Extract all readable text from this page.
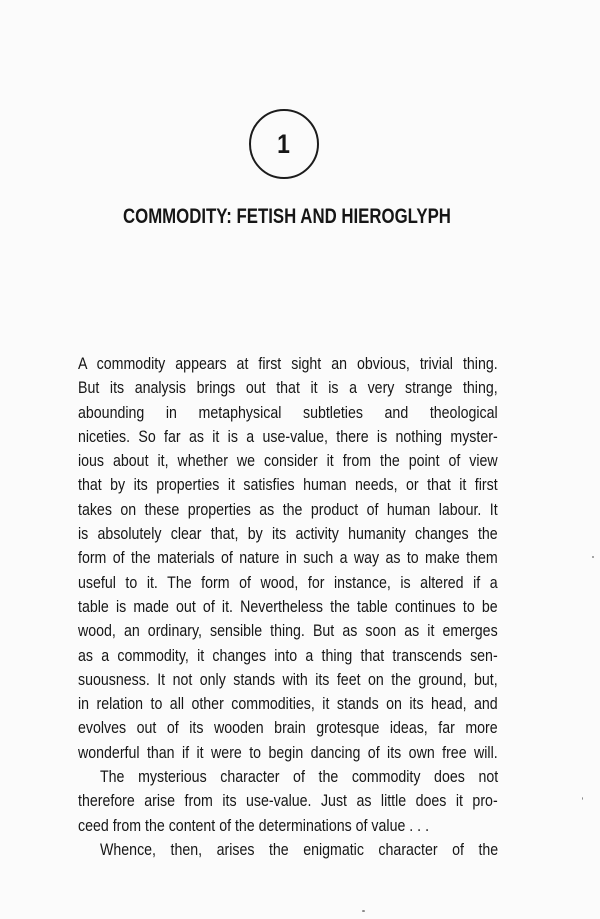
1
COMMODITY: FETISH AND HIEROGLYPH
A commodity appears at first sight an obvious, trivial thing.
But its analysis brings out that it is a very strange thing,
abounding in metaphysical subtleties and theological
niceties. So far as it is a use-value, there is nothing myster-
ious about it, whether we consider it from the point of view
that by its properties it satisfies human needs, or that it first
takes on these properties as the product of human labour. It
is absolutely clear that, by its activity humanity changes the
form of the materials of nature in such a way as to make them
useful to it. The form of wood, for instance, is altered if a
table is made out of it. Nevertheless the table continues to be
wood, an ordinary, sensible thing. But as soon as it emerges
as a commodity, it changes into a thing that transcends sen-
suousness. It not only stands with its feet on the ground, but,
in relation to all other commodities, it stands on its head, and
evolves out of its wooden brain grotesque ideas, far more
wonderful than if it were to begin dancing of its own free will.
The mysterious character of the commodity does not
therefore arise from its use-value. Just as little does it pro-
ceed from the content of the determinations of value . . .
Whence, then, arises the enigmatic character of the
